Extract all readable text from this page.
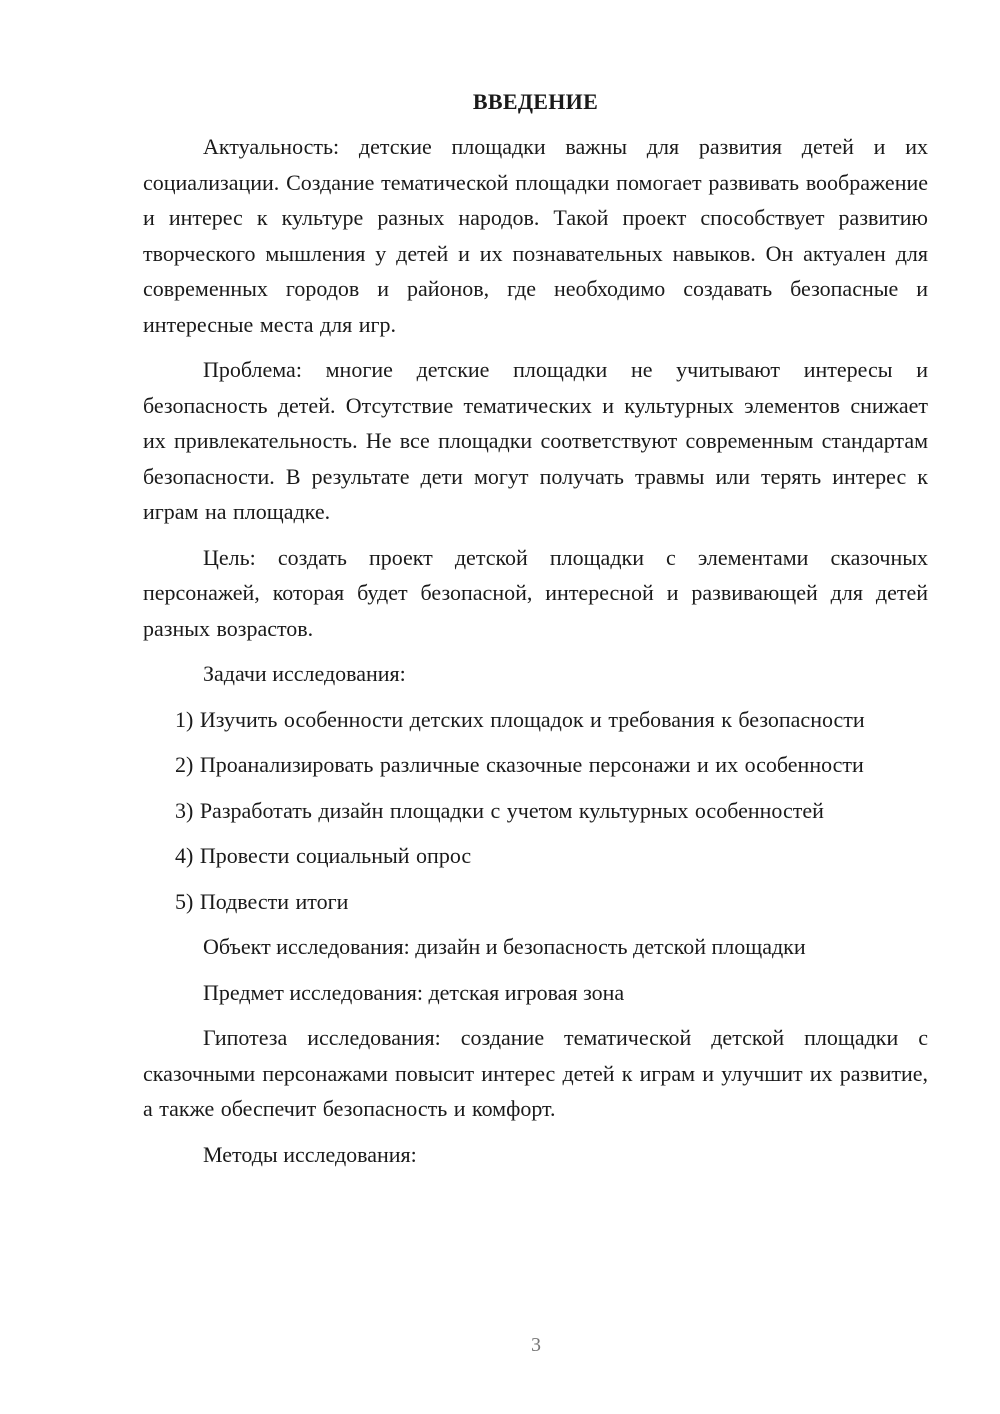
ВВЕДЕНИЕ

Актуальность: детские площадки важны для развития детей и их социализации. Создание тематической площадки помогает развивать воображение и интерес к культуре разных народов. Такой проект способствует развитию творческого мышления у детей и их познавательных навыков. Он актуален для современных городов и районов, где необходимо создавать безопасные и интересные места для игр.

Проблема: многие детские площадки не учитывают интересы и безопасность детей. Отсутствие тематических и культурных элементов снижает их привлекательность. Не все площадки соответствуют современным стандартам безопасности. В результате дети могут получать травмы или терять интерес к играм на площадке.

Цель: создать проект детской площадки с элементами сказочных персонажей, которая будет безопасной, интересной и развивающей для детей разных возрастов.

Задачи исследования:

1) Изучить особенности детских площадок и требования к безопасности

2) Проанализировать различные сказочные персонажи и их особенности

3) Разработать дизайн площадки с учетом культурных особенностей

4) Провести социальный опрос

5) Подвести итоги

Объект исследования: дизайн и безопасность детской площадки

Предмет исследования: детская игровая зона

Гипотеза исследования: создание тематической детской площадки с сказочными персонажами повысит интерес детей к играм и улучшит их развитие, а также обеспечит безопасность и комфорт.

Методы исследования:

3
